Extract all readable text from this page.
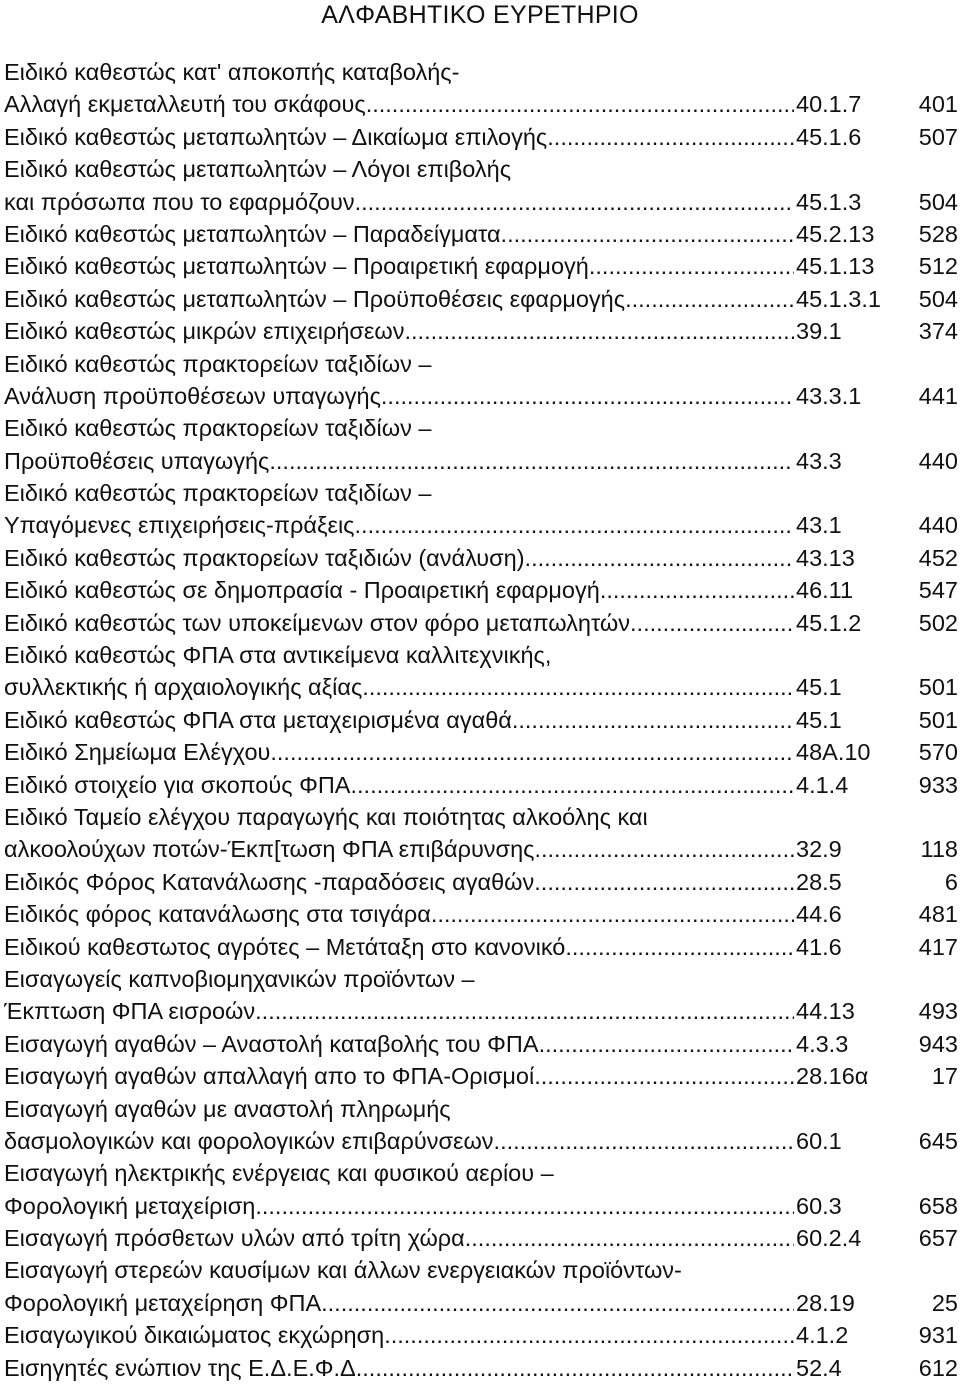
ΑΛΦΑΒΗΤΙΚΟ ΕΥΡΕΤΗΡΙΟ
Ειδικό καθεστώς κατ' αποκοπής καταβολής-
Αλλαγή εκμεταλλευτή του σκάφους .....	40.1.7	401
Ειδικό καθεστώς μεταπωλητών – Δικαίωμα επιλογής .....	45.1.6	507
Ειδικό καθεστώς μεταπωλητών – Λόγοι επιβολής
και πρόσωπα που το εφαρμόζουν .....	45.1.3	504
Ειδικό καθεστώς μεταπωλητών – Παραδείγματα .....	45.2.13	528
Ειδικό καθεστώς μεταπωλητών – Προαιρετική εφαρμογή .....	45.1.13	512
Ειδικό καθεστώς μεταπωλητών – Προϋποθέσεις εφαρμογής .....	45.1.3.1	504
Ειδικό καθεστώς μικρών επιχειρήσεων .....	39.1	374
Ειδικό καθεστώς πρακτορείων ταξιδίων –
Ανάλυση προϋποθέσεων υπαγωγής .....	43.3.1	441
Ειδικό καθεστώς πρακτορείων ταξιδίων –
Προϋποθέσεις υπαγωγής .....	43.3	440
Ειδικό καθεστώς πρακτορείων ταξιδίων –
Υπαγόμενες επιχειρήσεις-πράξεις .....	43.1	440
Ειδικό καθεστώς πρακτορείων ταξιδιών (ανάλυση) .....	43.13	452
Ειδικό καθεστώς σε δημοπρασία - Προαιρετική εφαρμογή .....	46.11	547
Ειδικό καθεστώς των υποκείμενων στον φόρο μεταπωλητών .....	45.1.2	502
Ειδικό καθεστώς ΦΠΑ στα αντικείμενα καλλιτεχνικής,
συλλεκτικής ή αρχαιολογικής αξίας .....	45.1	501
Ειδικό καθεστώς ΦΠΑ στα μεταχειρισμένα αγαθά .....	45.1	501
Ειδικό Σημείωμα Ελέγχου .....	48Α.10	570
Ειδικό στοιχείο για σκοπούς ΦΠΑ .....	4.1.4	933
Ειδικό Ταμείο ελέγχου παραγωγής και ποιότητας αλκοόλης και
αλκοολούχων ποτών-Έκπ[τωση ΦΠΑ επιβάρυνσης .....	32.9	118
Ειδικός Φόρος Κατανάλωσης -παραδόσεις αγαθών .....	28.5	6
Ειδικός φόρος κατανάλωσης στα τσιγάρα .....	44.6	481
Ειδικού καθεστωτος αγρότες – Μετάταξη στο κανονικό .....	41.6	417
Εισαγωγείς καπνοβιομηχανικών προϊόντων –
Έκπτωση ΦΠΑ εισροών .....	44.13	493
Εισαγωγή αγαθών – Αναστολή καταβολής του ΦΠΑ .....	4.3.3	943
Εισαγωγή αγαθών απαλλαγή απο το ΦΠΑ-Ορισμοί .....	28.16α	17
Εισαγωγή αγαθών με αναστολή πληρωμής
δασμολογικών και φορολογικών επιβαρύνσεων .....	60.1	645
Εισαγωγή ηλεκτρικής ενέργειας και φυσικού αερίου –
Φορολογική μεταχείριση .....	60.3	658
Εισαγωγή πρόσθετων υλών από τρίτη χώρα .....	60.2.4	657
Εισαγωγή στερεών καυσίμων και άλλων ενεργειακών προϊόντων-
Φορολογική μεταχείρηση ΦΠΑ .....	28.19	25
Εισαγωγικού δικαιώματος εκχώρηση .....	4.1.2	931
Εισηγητές ενώπιον της Ε.Δ.Ε.Φ.Δ. .....	52.4	612
